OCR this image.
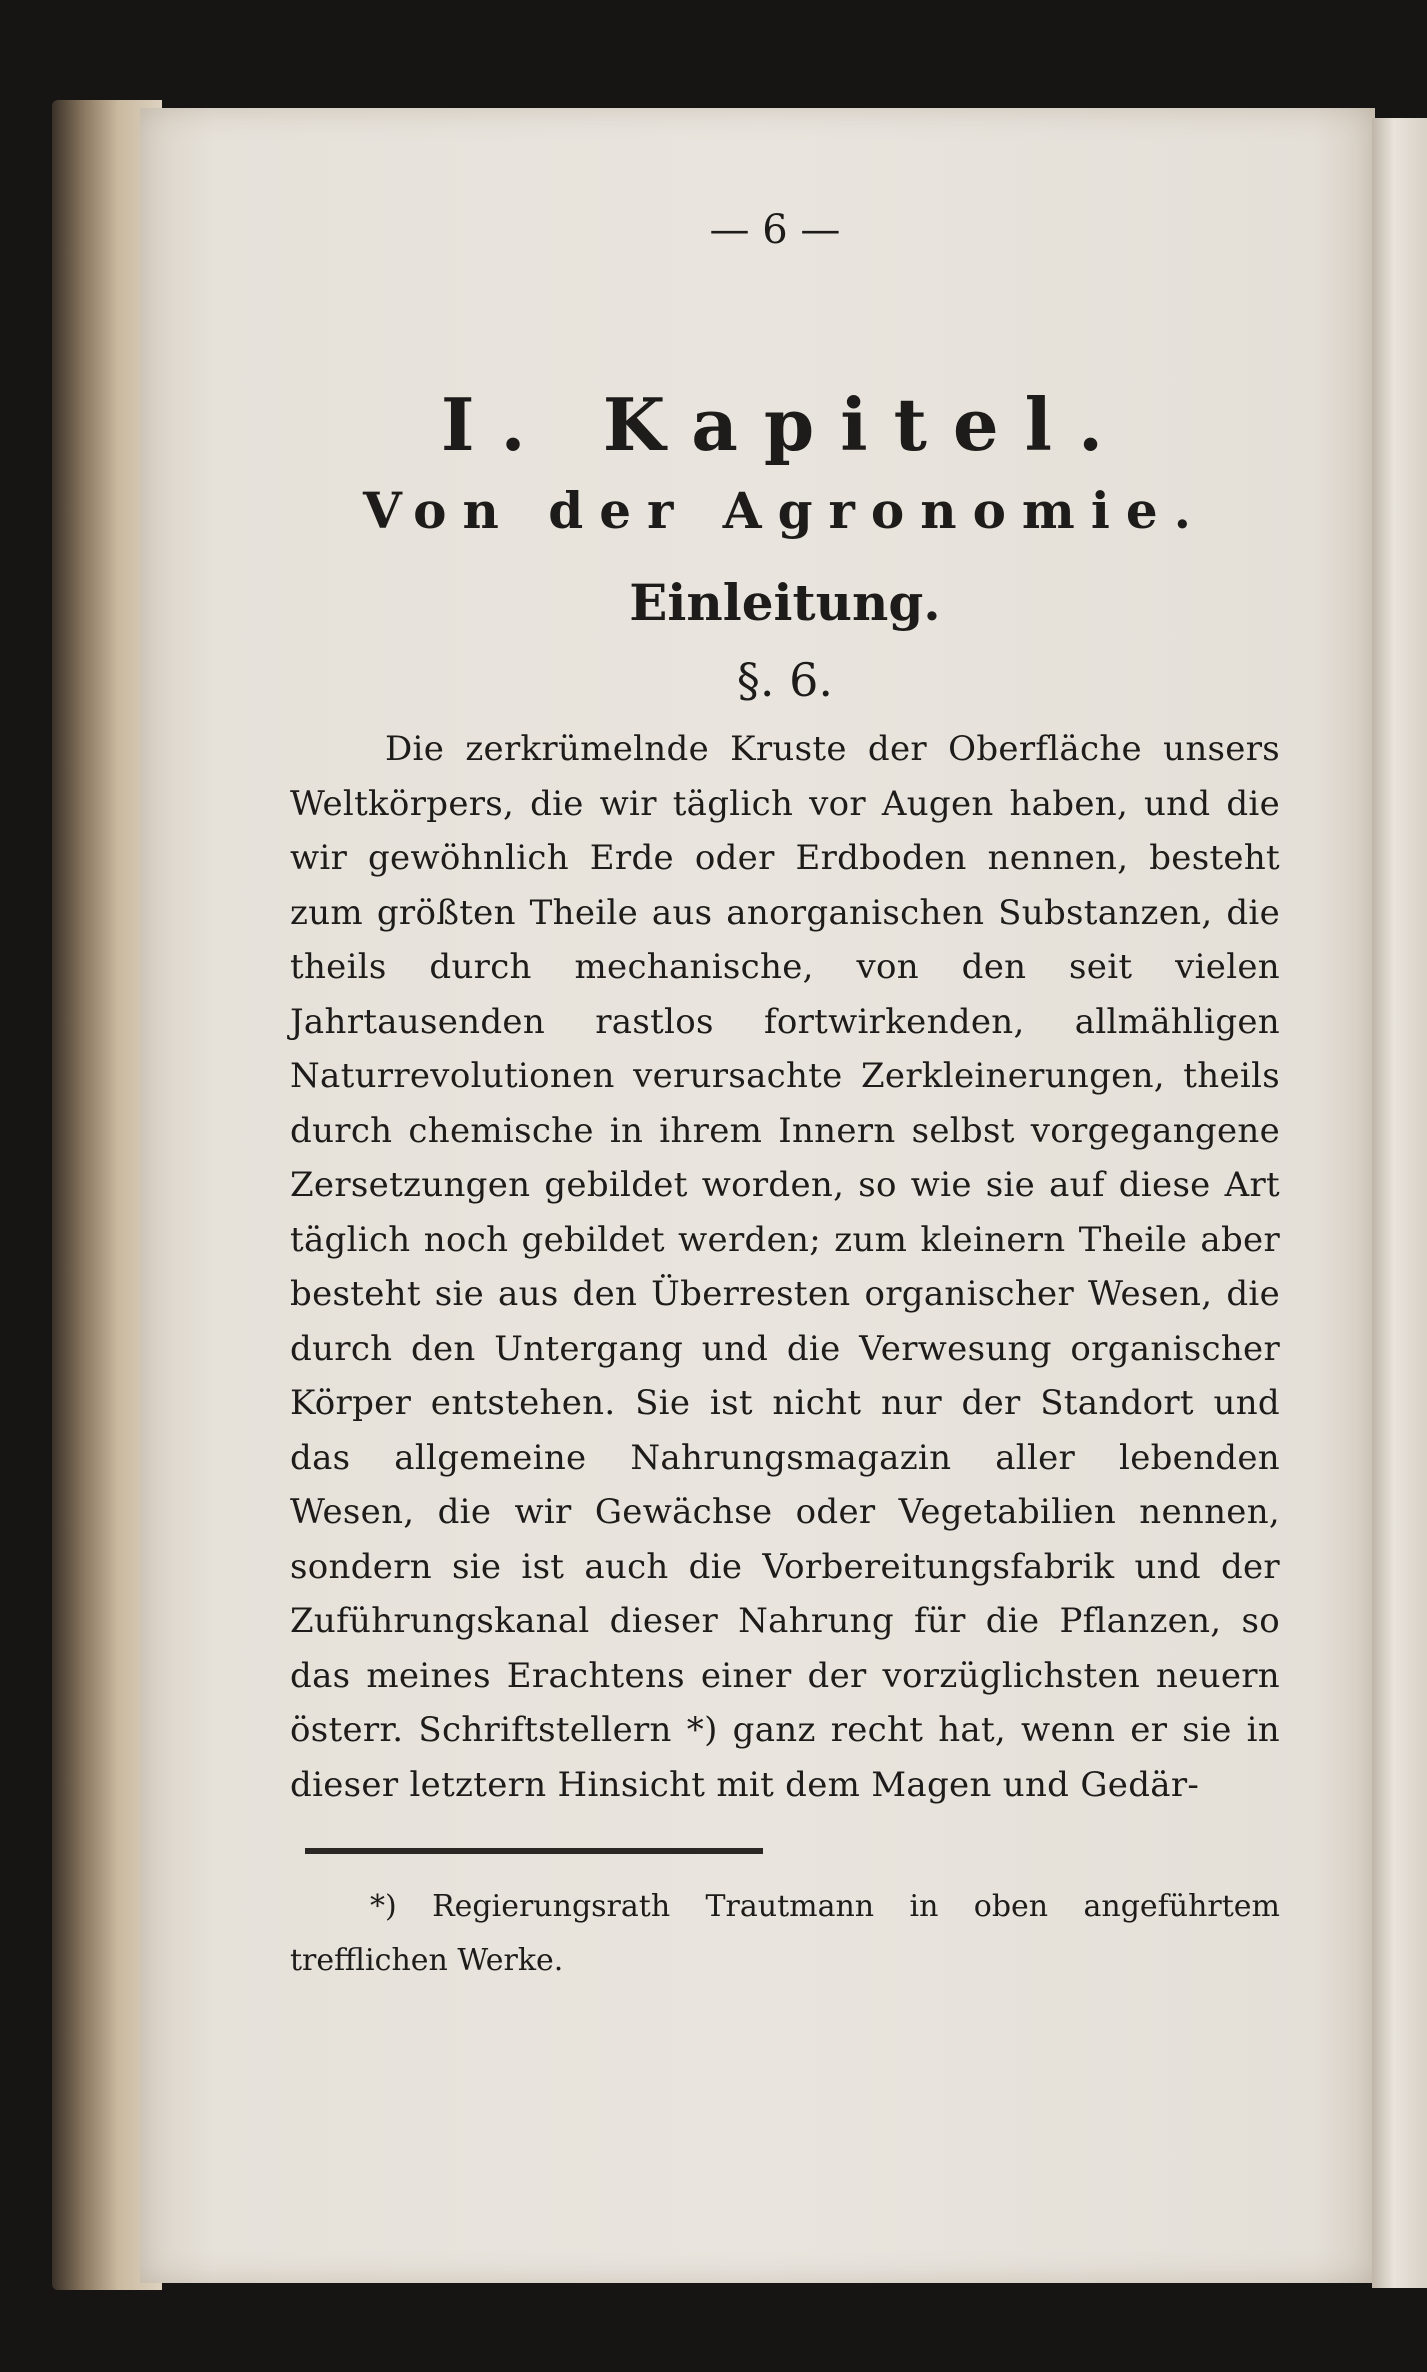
— 6 —
I. Kapitel.
Von der Agronomie.
Einleitung.
§. 6.
Die zerkrümelnde Kruste der Oberfläche unsers Weltkörpers, die wir täglich vor Augen haben, und die wir gewöhnlich Erde oder Erdboden nennen, besteht zum größten Theile aus anorganischen Substanzen, die theils durch mechanische, von den seit vielen Jahrtausenden rastlos fortwirkenden, allmähligen Naturrevolutionen verursachte Zerkleinerungen, theils durch chemische in ihrem Innern selbst vorgegangene Zersetzungen gebildet worden, so wie sie auf diese Art täglich noch gebildet werden; zum kleinern Theile aber besteht sie aus den Überresten organischer Wesen, die durch den Untergang und die Verwesung organischer Körper entstehen. Sie ist nicht nur der Standort und das allgemeine Nahrungsmagazin aller lebenden Wesen, die wir Gewächse oder Vegetabilien nennen, sondern sie ist auch die Vorbereitungsfabrik und der Zuführungskanal dieser Nahrung für die Pflanzen, so das meines Erachtens einer der vorzüglichsten neuern österr. Schriftstellern *) ganz recht hat, wenn er sie in dieser letztern Hinsicht mit dem Magen und Gedär-
*) Regierungsrath Trautmann in oben angeführtem trefflichen Werke.
